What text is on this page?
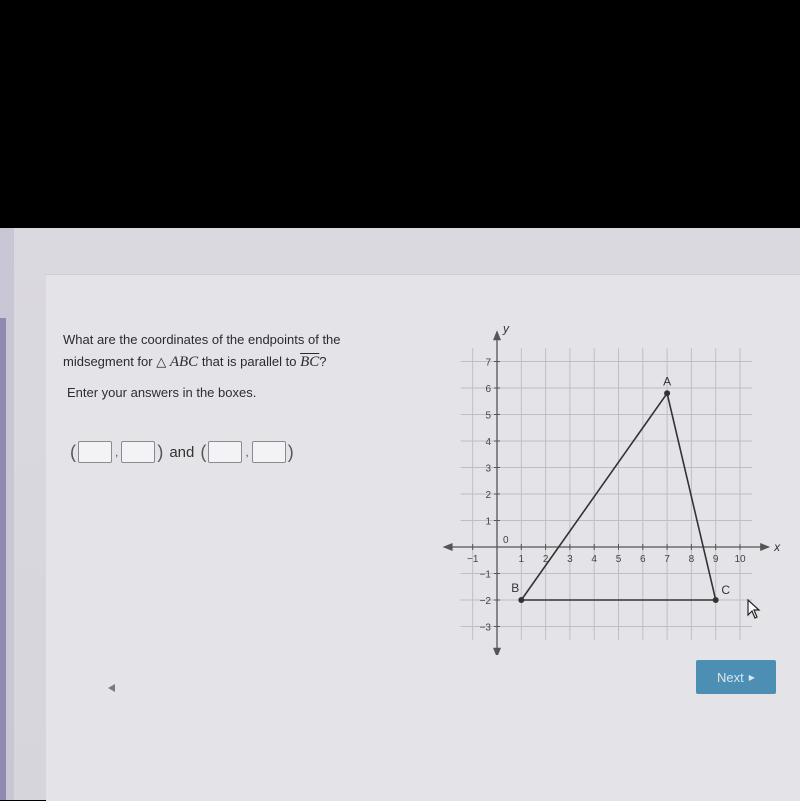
What are the coordinates of the endpoints of the
midsegment for △ ABC that is parallel to $\overline{BC}$?
Enter your answers in the boxes.
(	, ) and (	, )
x
y
0
−1	1 2 3 4 5 6 7 8 9 10
−3
−2
−1
1
2
3
4
5
6
7
A
B	C
Next ▶
